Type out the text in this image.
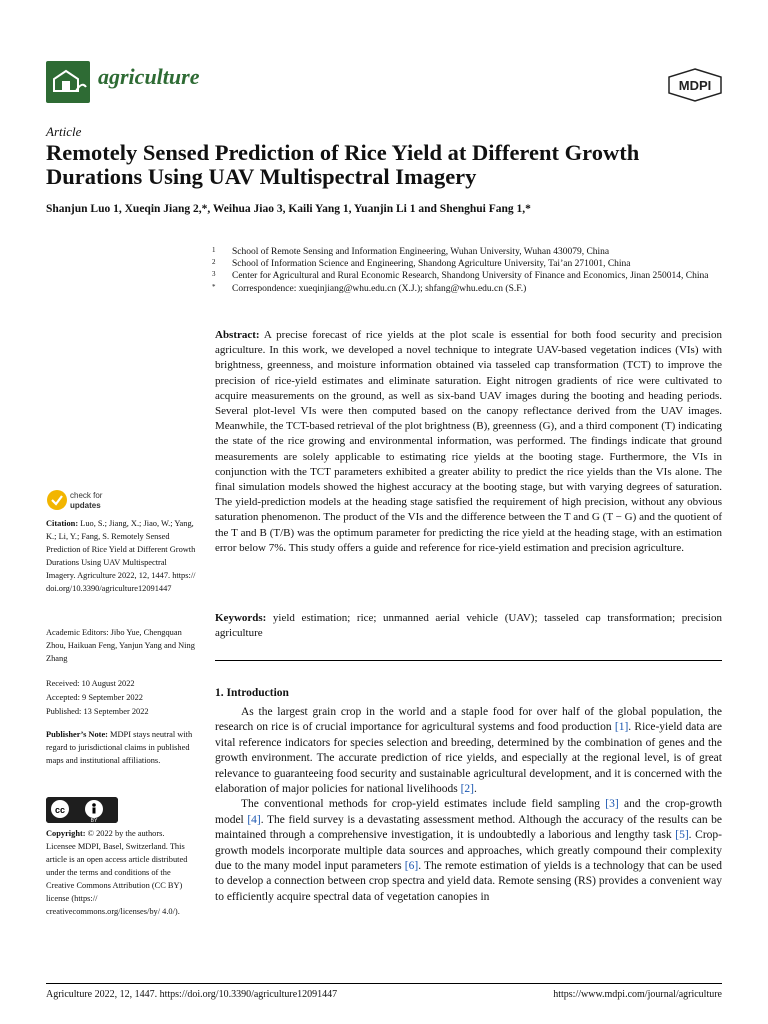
agriculture	MDPI
Article
Remotely Sensed Prediction of Rice Yield at Different Growth Durations Using UAV Multispectral Imagery
Shanjun Luo 1, Xueqin Jiang 2,*, Weihua Jiao 3, Kaili Yang 1, Yuanjin Li 1 and Shenghui Fang 1,*
1 School of Remote Sensing and Information Engineering, Wuhan University, Wuhan 430079, China
2 School of Information Science and Engineering, Shandong Agriculture University, Tai’an 271001, China
3 Center for Agricultural and Rural Economic Research, Shandong University of Finance and Economics, Jinan 250014, China
* Correspondence: xueqinjiang@whu.edu.cn (X.J.); shfang@whu.edu.cn (S.F.)
Abstract: A precise forecast of rice yields at the plot scale is essential for both food security and precision agriculture. In this work, we developed a novel technique to integrate UAV-based vegetation indices (VIs) with brightness, greenness, and moisture information obtained via tasseled cap transformation (TCT) to improve the precision of rice-yield estimates and eliminate saturation. Eight nitrogen gradients of rice were cultivated to acquire measurements on the ground, as well as six-band UAV images during the booting and heading periods. Several plot-level VIs were then computed based on the canopy reflectance derived from the UAV images. Meanwhile, the TCT-based retrieval of the plot brightness (B), greenness (G), and a third component (T) indicating the state of the rice growing and environmental information, was performed. The findings indicate that ground measurements are solely applicable to estimating rice yields at the booting stage. Furthermore, the VIs in conjunction with the TCT parameters exhibited a greater ability to predict the rice yields than the VIs alone. The final simulation models showed the highest accuracy at the booting stage, but with varying degrees of saturation. The yield-prediction models at the heading stage satisfied the requirement of high precision, without any obvious saturation phenomenon. The product of the VIs and the difference between the T and G (T − G) and the quotient of the T and B (T/B) was the optimum parameter for predicting the rice yield at the heading stage, with an estimation error below 7%. This study offers a guide and reference for rice-yield estimation and precision agriculture.
Keywords: yield estimation; rice; unmanned aerial vehicle (UAV); tasseled cap transformation; precision agriculture
1. Introduction

As the largest grain crop in the world and a staple food for over half of the global population, the research on rice is of crucial importance for agricultural systems and food production [1]. Rice-yield data are vital reference indicators for species selection and breeding, determined by the combination of genes and the growth environment. The accurate prediction of rice yields, and especially at the regional level, is of great relevance to guaranteeing food security and sustainable agricultural development, and it is concerned with the elaboration of major policies for national livelihoods [2].

The conventional methods for crop-yield estimates include field sampling [3] and the crop-growth model [4]. The field survey is a devastating assessment method. Although the accuracy of the results can be maintained through a comprehensive investigation, it is undoubtedly a laborious and lengthy task [5]. Crop-growth models incorporate multiple data sources and approaches, which greatly compound their complexity due to the many model input parameters [6]. The remote estimation of yields is a technology that can be used to develop a connection between crop spectra and yield data. Remote sensing (RS) provides a convenient way to efficiently acquire spectral data of vegetation canopies in

check for
updates
Citation: Luo, S.; Jiang, X.; Jiao, W.; Yang, K.; Li, Y.; Fang, S. Remotely Sensed Prediction of Rice Yield at Different Growth Durations Using UAV Multispectral Imagery. Agriculture 2022, 12, 1447. https:// doi.org/10.3390/agriculture12091447
Academic Editors: Jibo Yue, Chengquan Zhou, Haikuan Feng, Yanjun Yang and Ning Zhang
Received: 10 August 2022
Accepted: 9 September 2022
Published: 13 September 2022
Publisher’s Note: MDPI stays neutral with regard to jurisdictional claims in published maps and institutional affiliations.
cc
BY
Copyright: © 2022 by the authors. Licensee MDPI, Basel, Switzerland. This article is an open access article distributed under the terms and conditions of the Creative Commons Attribution (CC BY) license (https:// creativecommons.org/licenses/by/ 4.0/).
Agriculture 2022, 12, 1447. https://doi.org/10.3390/agriculture12091447	https://www.mdpi.com/journal/agriculture
